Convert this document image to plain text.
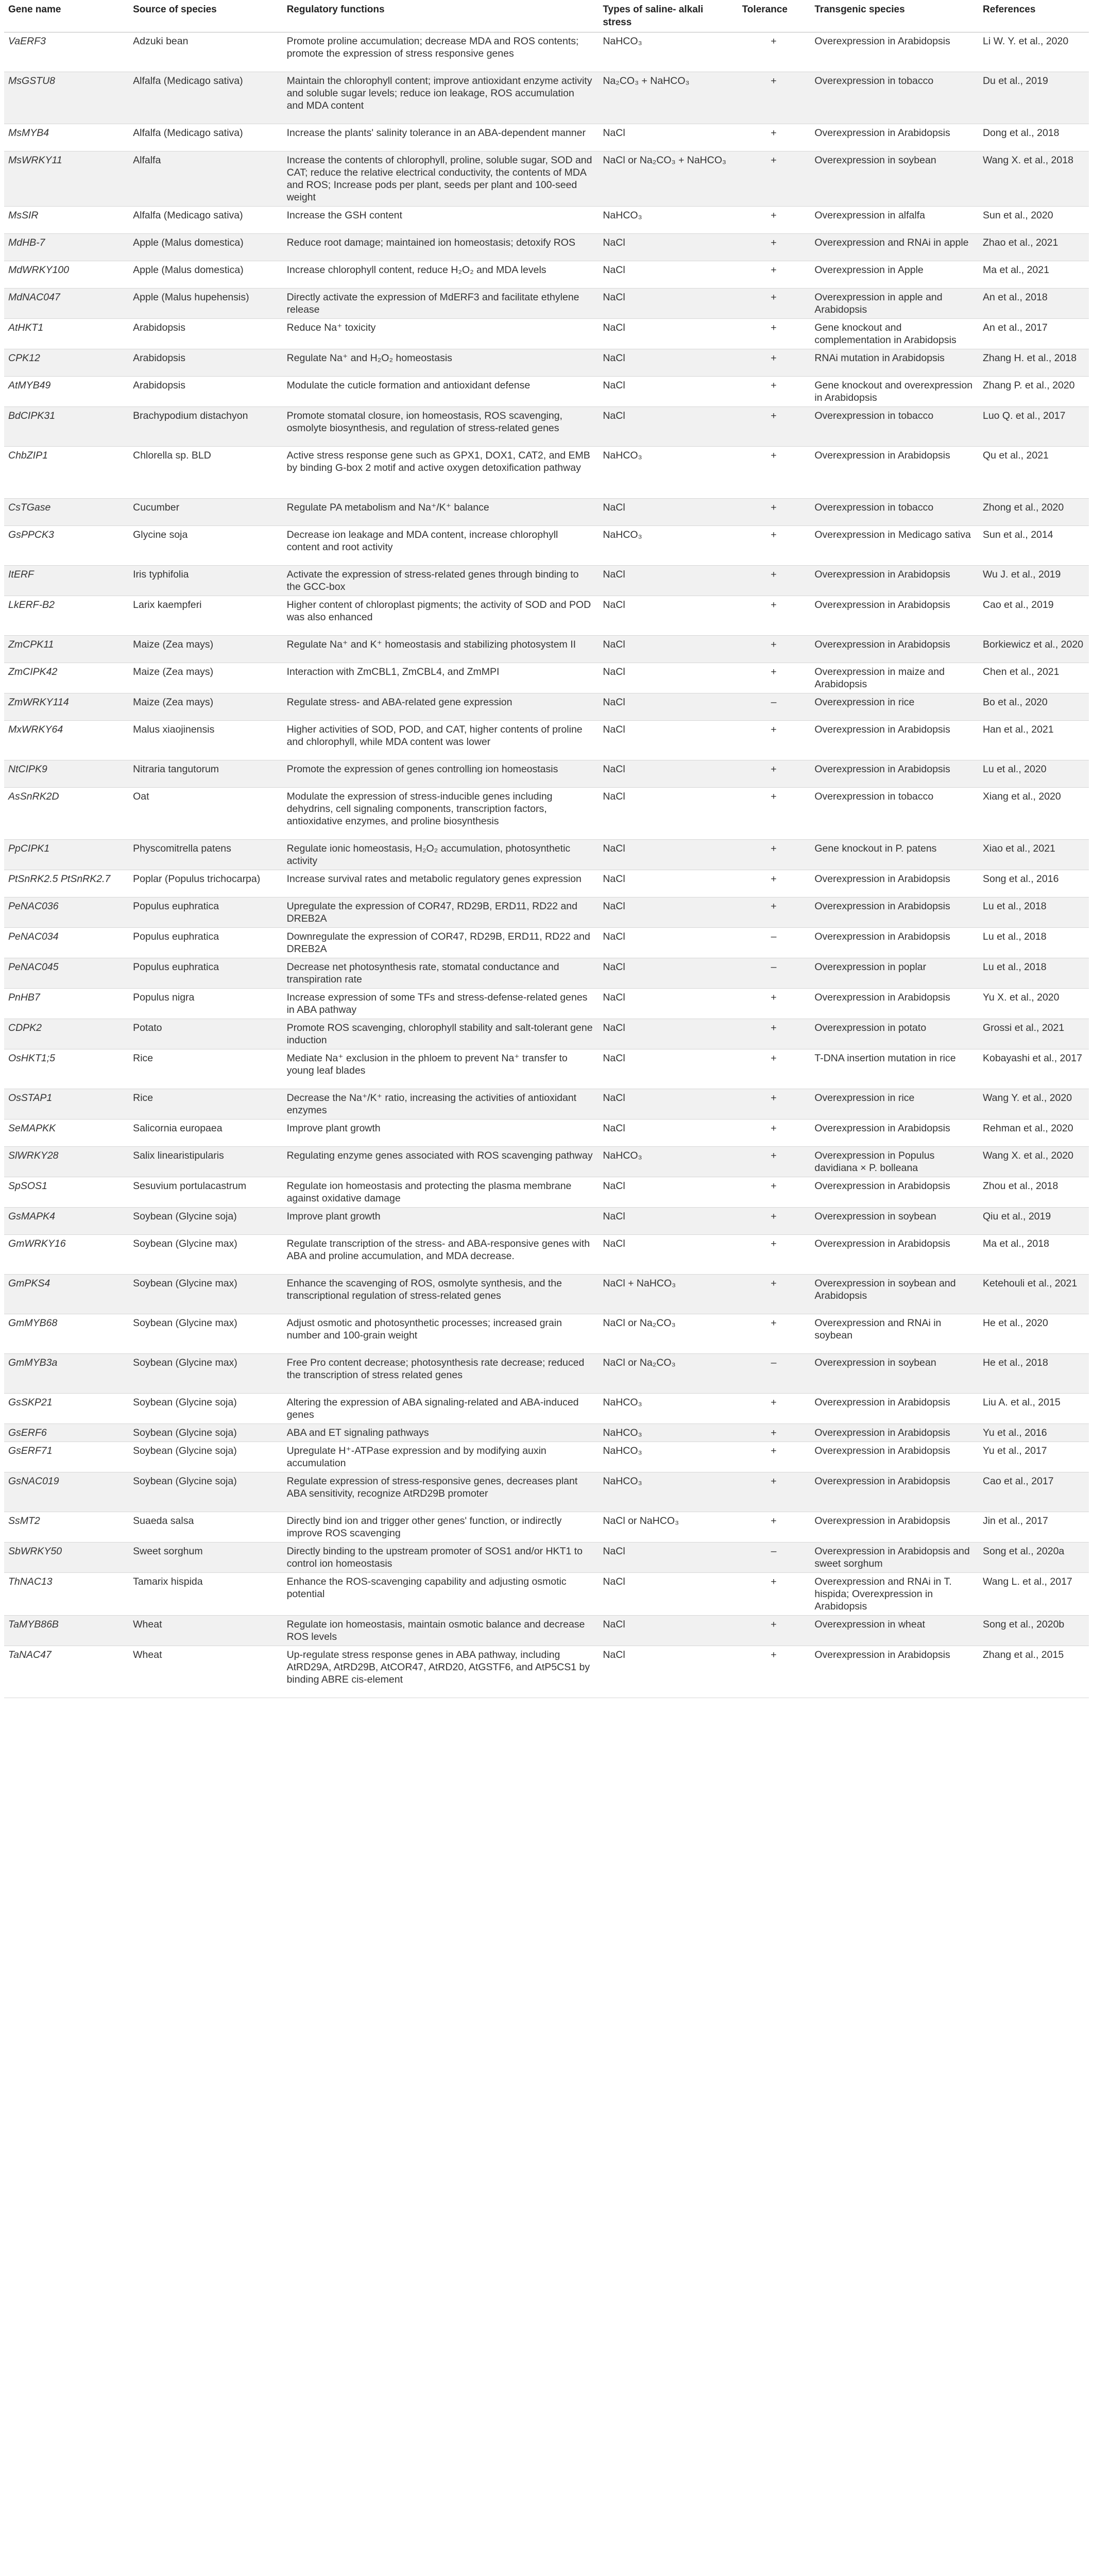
Gene name	Source of species	Regulatory functions	Types of saline- alkali stress	Tolerance	Transgenic species	References
VaERF3	Adzuki bean	Promote proline accumulation; decrease MDA and ROS contents; promote the expression of stress responsive genes	NaHCO₃	+	Overexpression in Arabidopsis	Li W. Y. et al., 2020
MsGSTU8	Alfalfa (Medicago sativa)	Maintain the chlorophyll content; improve antioxidant enzyme activity and soluble sugar levels; reduce ion leakage, ROS accumulation and MDA content	Na₂CO₃ + NaHCO₃	+	Overexpression in tobacco	Du et al., 2019
MsMYB4	Alfalfa (Medicago sativa)	Increase the plants' salinity tolerance in an ABA-dependent manner	NaCl	+	Overexpression in Arabidopsis	Dong et al., 2018
MsWRKY11	Alfalfa	Increase the contents of chlorophyll, proline, soluble sugar, SOD and CAT; reduce the relative electrical conductivity, the contents of MDA and ROS; Increase pods per plant, seeds per plant and 100-seed weight	NaCl or Na₂CO₃ + NaHCO₃	+	Overexpression in soybean	Wang X. et al., 2018
MsSIR	Alfalfa (Medicago sativa)	Increase the GSH content	NaHCO₃	+	Overexpression in alfalfa	Sun et al., 2020
MdHB-7	Apple (Malus domestica)	Reduce root damage; maintained ion homeostasis; detoxify ROS	NaCl	+	Overexpression and RNAi in apple	Zhao et al., 2021
MdWRKY100	Apple (Malus domestica)	Increase chlorophyll content, reduce H₂O₂ and MDA levels	NaCl	+	Overexpression in Apple	Ma et al., 2021
MdNAC047	Apple (Malus hupehensis)	Directly activate the expression of MdERF3 and facilitate ethylene release	NaCl	+	Overexpression in apple and Arabidopsis	An et al., 2018
AtHKT1	Arabidopsis	Reduce Na⁺ toxicity	NaCl	+	Gene knockout and complementation in Arabidopsis	An et al., 2017
CPK12	Arabidopsis	Regulate Na⁺ and H₂O₂ homeostasis	NaCl	+	RNAi mutation in Arabidopsis	Zhang H. et al., 2018
AtMYB49	Arabidopsis	Modulate the cuticle formation and antioxidant defense	NaCl	+	Gene knockout and overexpression in Arabidopsis	Zhang P. et al., 2020
BdCIPK31	Brachypodium distachyon	Promote stomatal closure, ion homeostasis, ROS scavenging, osmolyte biosynthesis, and regulation of stress-related genes	NaCl	+	Overexpression in tobacco	Luo Q. et al., 2017
ChbZIP1	Chlorella sp. BLD	Active stress response gene such as GPX1, DOX1, CAT2, and EMB by binding G-box 2 motif and active oxygen detoxification pathway	NaHCO₃	+	Overexpression in Arabidopsis	Qu et al., 2021
CsTGase	Cucumber	Regulate PA metabolism and Na⁺/K⁺ balance	NaCl	+	Overexpression in tobacco	Zhong et al., 2020
GsPPCK3	Glycine soja	Decrease ion leakage and MDA content, increase chlorophyll content and root activity	NaHCO₃	+	Overexpression in Medicago sativa	Sun et al., 2014
ItERF	Iris typhifolia	Activate the expression of stress-related genes through binding to the GCC-box	NaCl	+	Overexpression in Arabidopsis	Wu J. et al., 2019
LkERF-B2	Larix kaempferi	Higher content of chloroplast pigments; the activity of SOD and POD was also enhanced	NaCl	+	Overexpression in Arabidopsis	Cao et al., 2019
ZmCPK11	Maize (Zea mays)	Regulate Na⁺ and K⁺ homeostasis and stabilizing photosystem II	NaCl	+	Overexpression in Arabidopsis	Borkiewicz et al., 2020
ZmCIPK42	Maize (Zea mays)	Interaction with ZmCBL1, ZmCBL4, and ZmMPI	NaCl	+	Overexpression in maize and Arabidopsis	Chen et al., 2021
ZmWRKY114	Maize (Zea mays)	Regulate stress- and ABA-related gene expression	NaCl	–	Overexpression in rice	Bo et al., 2020
MxWRKY64	Malus xiaojinensis	Higher activities of SOD, POD, and CAT, higher contents of proline and chlorophyll, while MDA content was lower	NaCl	+	Overexpression in Arabidopsis	Han et al., 2021
NtCIPK9	Nitraria tangutorum	Promote the expression of genes controlling ion homeostasis	NaCl	+	Overexpression in Arabidopsis	Lu et al., 2020
AsSnRK2D	Oat	Modulate the expression of stress-inducible genes including dehydrins, cell signaling components, transcription factors, antioxidative enzymes, and proline biosynthesis	NaCl	+	Overexpression in tobacco	Xiang et al., 2020
PpCIPK1	Physcomitrella patens	Regulate ionic homeostasis, H₂O₂ accumulation, photosynthetic activity	NaCl	+	Gene knockout in P. patens	Xiao et al., 2021
PtSnRK2.5 PtSnRK2.7	Poplar (Populus trichocarpa)	Increase survival rates and metabolic regulatory genes expression	NaCl	+	Overexpression in Arabidopsis	Song et al., 2016
PeNAC036	Populus euphratica	Upregulate the expression of COR47, RD29B, ERD11, RD22 and DREB2A	NaCl	+	Overexpression in Arabidopsis	Lu et al., 2018
PeNAC034	Populus euphratica	Downregulate the expression of COR47, RD29B, ERD11, RD22 and DREB2A	NaCl	–	Overexpression in Arabidopsis	Lu et al., 2018
PeNAC045	Populus euphratica	Decrease net photosynthesis rate, stomatal conductance and transpiration rate	NaCl	–	Overexpression in poplar	Lu et al., 2018
PnHB7	Populus nigra	Increase expression of some TFs and stress-defense-related genes in ABA pathway	NaCl	+	Overexpression in Arabidopsis	Yu X. et al., 2020
CDPK2	Potato	Promote ROS scavenging, chlorophyll stability and salt-tolerant gene induction	NaCl	+	Overexpression in potato	Grossi et al., 2021
OsHKT1;5	Rice	Mediate Na⁺ exclusion in the phloem to prevent Na⁺ transfer to young leaf blades	NaCl	+	T-DNA insertion mutation in rice	Kobayashi et al., 2017
OsSTAP1	Rice	Decrease the Na⁺/K⁺ ratio, increasing the activities of antioxidant enzymes	NaCl	+	Overexpression in rice	Wang Y. et al., 2020
SeMAPKK	Salicornia europaea	Improve plant growth	NaCl	+	Overexpression in Arabidopsis	Rehman et al., 2020
SlWRKY28	Salix linearistipularis	Regulating enzyme genes associated with ROS scavenging pathway	NaHCO₃	+	Overexpression in Populus davidiana × P. bolleana	Wang X. et al., 2020
SpSOS1	Sesuvium portulacastrum	Regulate ion homeostasis and protecting the plasma membrane against oxidative damage	NaCl	+	Overexpression in Arabidopsis	Zhou et al., 2018
GsMAPK4	Soybean (Glycine soja)	Improve plant growth	NaCl	+	Overexpression in soybean	Qiu et al., 2019
GmWRKY16	Soybean (Glycine max)	Regulate transcription of the stress- and ABA-responsive genes with ABA and proline accumulation, and MDA decrease.	NaCl	+	Overexpression in Arabidopsis	Ma et al., 2018
GmPKS4	Soybean (Glycine max)	Enhance the scavenging of ROS, osmolyte synthesis, and the transcriptional regulation of stress-related genes	NaCl + NaHCO₃	+	Overexpression in soybean and Arabidopsis	Ketehouli et al., 2021
GmMYB68	Soybean (Glycine max)	Adjust osmotic and photosynthetic processes; increased grain number and 100-grain weight	NaCl or Na₂CO₃	+	Overexpression and RNAi in soybean	He et al., 2020
GmMYB3a	Soybean (Glycine max)	Free Pro content decrease; photosynthesis rate decrease; reduced the transcription of stress related genes	NaCl or Na₂CO₃	–	Overexpression in soybean	He et al., 2018
GsSKP21	Soybean (Glycine soja)	Altering the expression of ABA signaling-related and ABA-induced genes	NaHCO₃	+	Overexpression in Arabidopsis	Liu A. et al., 2015
GsERF6	Soybean (Glycine soja)	ABA and ET signaling pathways	NaHCO₃	+	Overexpression in Arabidopsis	Yu et al., 2016
GsERF71	Soybean (Glycine soja)	Upregulate H⁺-ATPase expression and by modifying auxin accumulation	NaHCO₃	+	Overexpression in Arabidopsis	Yu et al., 2017
GsNAC019	Soybean (Glycine soja)	Regulate expression of stress-responsive genes, decreases plant ABA sensitivity, recognize AtRD29B promoter	NaHCO₃	+	Overexpression in Arabidopsis	Cao et al., 2017
SsMT2	Suaeda salsa	Directly bind ion and trigger other genes' function, or indirectly improve ROS scavenging	NaCl or NaHCO₃	+	Overexpression in Arabidopsis	Jin et al., 2017
SbWRKY50	Sweet sorghum	Directly binding to the upstream promoter of SOS1 and/or HKT1 to control ion homeostasis	NaCl	–	Overexpression in Arabidopsis and sweet sorghum	Song et al., 2020a
ThNAC13	Tamarix hispida	Enhance the ROS-scavenging capability and adjusting osmotic potential	NaCl	+	Overexpression and RNAi in T. hispida; Overexpression in Arabidopsis	Wang L. et al., 2017
TaMYB86B	Wheat	Regulate ion homeostasis, maintain osmotic balance and decrease ROS levels	NaCl	+	Overexpression in wheat	Song et al., 2020b
TaNAC47	Wheat	Up-regulate stress response genes in ABA pathway, including AtRD29A, AtRD29B, AtCOR47, AtRD20, AtGSTF6, and AtP5CS1 by binding ABRE cis-element	NaCl	+	Overexpression in Arabidopsis	Zhang et al., 2015
